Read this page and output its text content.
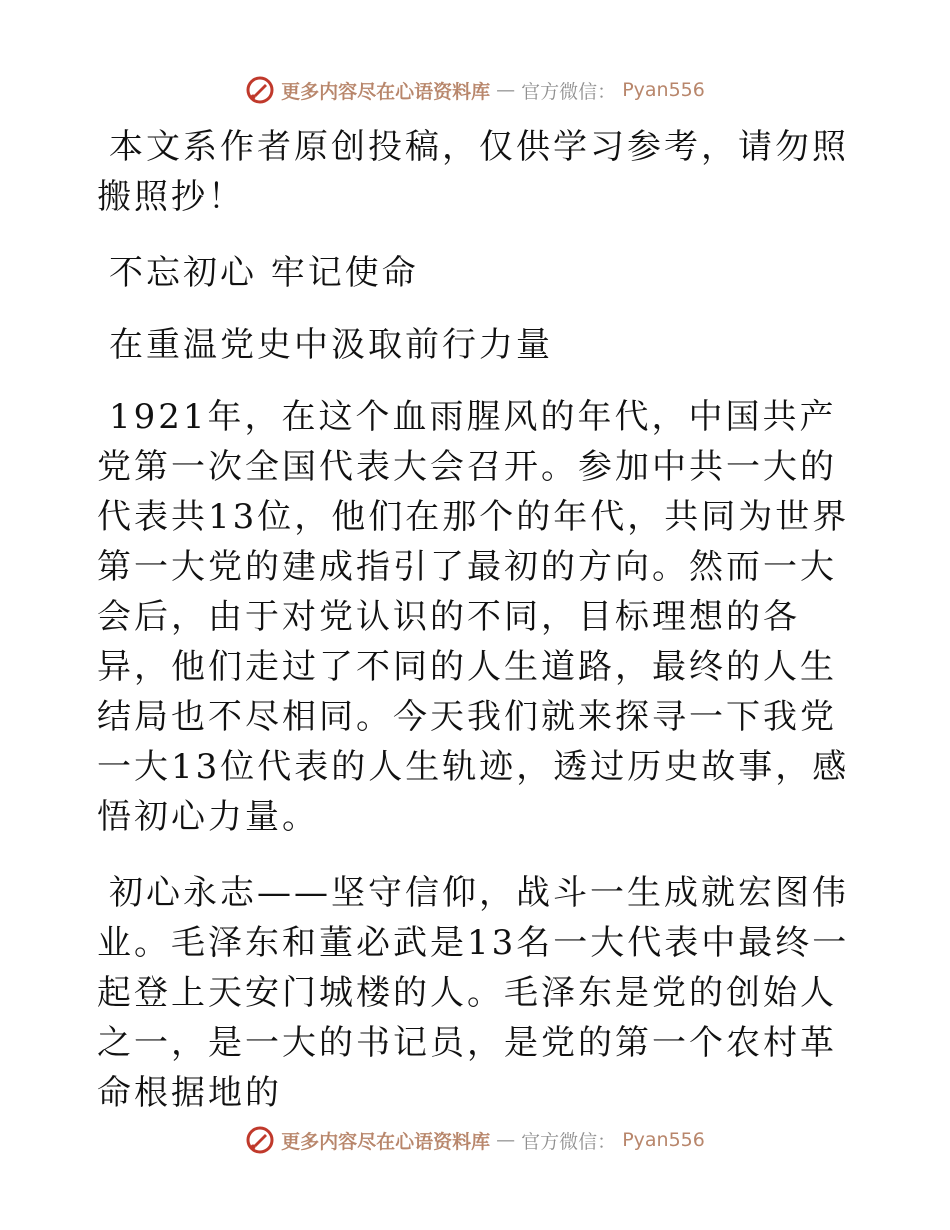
更多内容尽在心语资料库 — 官方微信： Pyan556

本文系作者原创投稿，仅供学习参考，请勿照搬照抄！

不忘初心 牢记使命

在重温党史中汲取前行力量

1921年，在这个血雨腥风的年代，中国共产党第一次全国代表大会召开。参加中共一大的代表共13位，他们在那个的年代，共同为世界第一大党的建成指引了最初的方向。然而一大会后，由于对党认识的不同，目标理想的各异，他们走过了不同的人生道路，最终的人生结局也不尽相同。今天我们就来探寻一下我党一大13位代表的人生轨迹，透过历史故事，感悟初心力量。

初心永志——坚守信仰，战斗一生成就宏图伟业。毛泽东和董必武是13名一大代表中最终一起登上天安门城楼的人。毛泽东是党的创始人之一，是一大的书记员，是党的第一个农村革命根据地的

更多内容尽在心语资料库 — 官方微信： Pyan556
